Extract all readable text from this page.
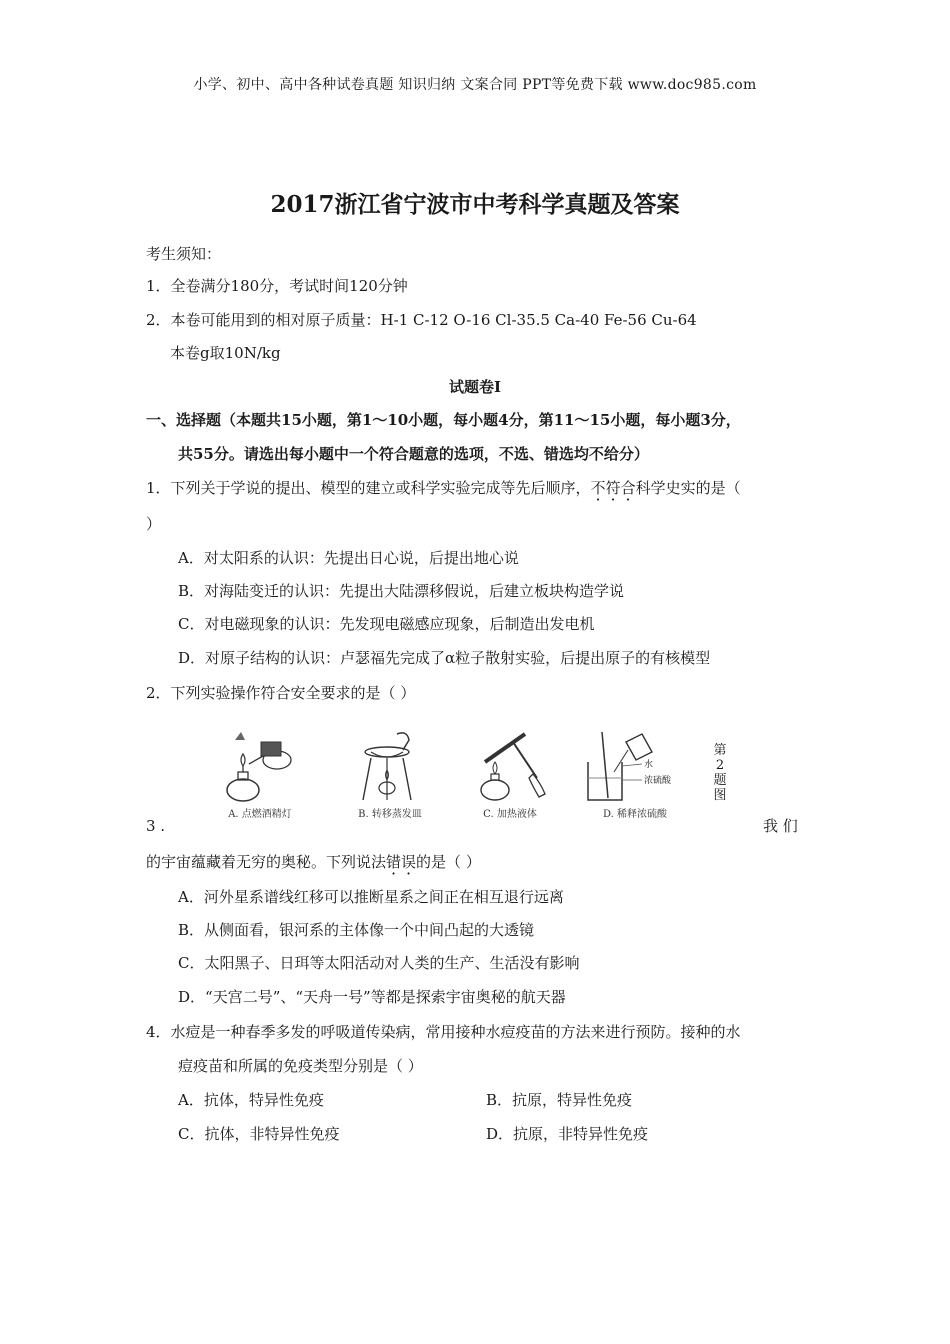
小学、初中、高中各种试卷真题 知识归纳 文案合同 PPT等免费下载 www.doc985.com
2017浙江省宁波市中考科学真题及答案
考生须知：
1．全卷满分180分，考试时间120分钟
2．本卷可能用到的相对原子质量：H-1 C-12 O-16 Cl-35.5 Ca-40 Fe-56 Cu-64
本卷g取10N/kg
试题卷Ⅰ
一、选择题（本题共15小题，第1～10小题，每小题4分，第11～15小题，每小题3分，
共55分。请选出每小题中一个符合题意的选项，不选、错选均不给分）
1．下列关于学说的提出、模型的建立或科学实验完成等先后顺序，不符合科学史实的是（
）
A．对太阳系的认识：先提出日心说，后提出地心说
B．对海陆变迁的认识：先提出大陆漂移假说，后建立板块构造学说
C．对电磁现象的认识：先发现电磁感应现象，后制造出发电机
D．对原子结构的认识：卢瑟福先完成了α粒子散射实验，后提出原子的有核模型
2．下列实验操作符合安全要求的是（ ）
A. 点燃酒精灯	B. 转移蒸发皿	C. 加热液体
水
浓硫酸
D. 稀释浓硫酸
第
2
题
图
3 .	我 们
的宇宙蕴藏着无穷的奥秘。下列说法错误的是（ ）
A．河外星系谱线红移可以推断星系之间正在相互退行远离
B．从侧面看，银河系的主体像一个中间凸起的大透镜
C．太阳黑子、日珥等太阳活动对人类的生产、生活没有影响
D．“天宫二号”、“天舟一号”等都是探索宇宙奥秘的航天器
4．水痘是一种春季多发的呼吸道传染病，常用接种水痘疫苗的方法来进行预防。接种的水
痘疫苗和所属的免疫类型分别是（ ）
A．抗体，特异性免疫	B．抗原，特异性免疫
C．抗体，非特异性免疫	D．抗原，非特异性免疫
